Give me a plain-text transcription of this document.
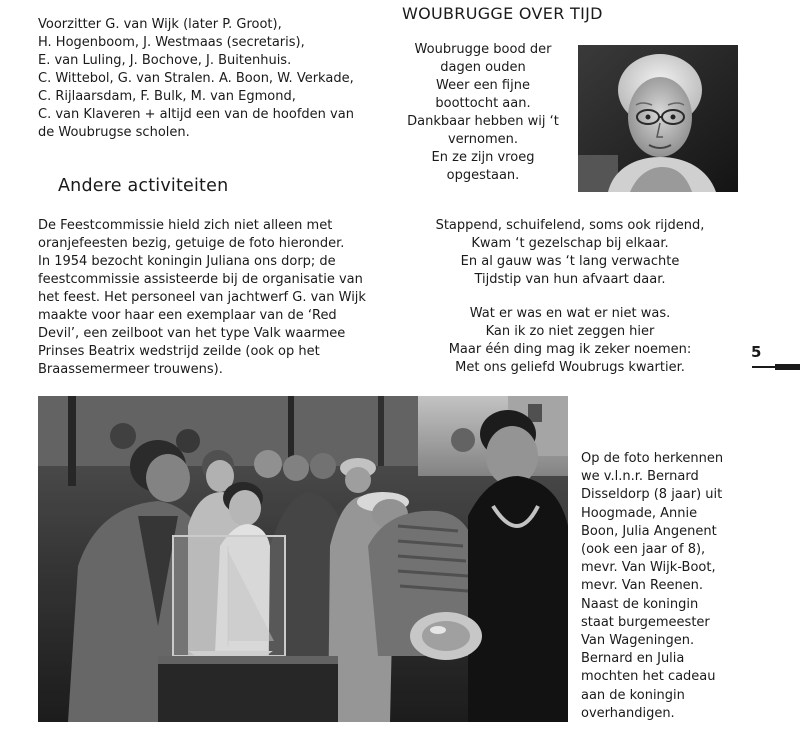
Voorzitter G. van Wijk (later P. Groot),
H. Hogenboom, J. Westmaas (secretaris),
E. van Luling, J. Bochove, J. Buitenhuis.
C. Wittebol, G. van Stralen. A. Boon, W. Verkade,
C. Rijlaarsdam, F. Bulk, M. van Egmond,
C. van Klaveren + altijd een van de hoofden van
de Woubrugse scholen.
Andere activiteiten
De Feestcommissie hield zich niet alleen met
oranjefeesten bezig, getuige de foto hieronder.
In 1954 bezocht koningin Juliana ons dorp; de
feestcommissie assisteerde bij de organisatie van
het feest. Het personeel van jachtwerf G. van Wijk
maakte voor haar een exemplaar van de ‘Red
Devil’, een zeilboot van het type Valk waarmee
Prinses Beatrix wedstrijd zeilde (ook op het
Braassemermeer trouwens).
WOUBRUGGE OVER TIJD
Woubrugge bood der
dagen ouden
Weer een fijne
boottocht aan.
Dankbaar hebben wij ‘t
vernomen.
En ze zijn vroeg
opgestaan.
Stappend, schuifelend, soms ook rijdend,
Kwam ‘t gezelschap bij elkaar.
En al gauw was ‘t lang verwachte
Tijdstip van hun afvaart daar.
Wat er was en wat er niet was.
Kan ik zo niet zeggen hier
Maar één ding mag ik zeker noemen:
Met ons geliefd Woubrugs kwartier.
5
Op de foto herkennen
we v.l.n.r. Bernard
Disseldorp (8 jaar) uit
Hoogmade, Annie
Boon, Julia Angenent
(ook een jaar of 8),
mevr. Van Wijk-Boot,
mevr. Van Reenen.
Naast de koningin
staat burgemeester
Van Wageningen.
Bernard en Julia
mochten het cadeau
aan de koningin
overhandigen.
